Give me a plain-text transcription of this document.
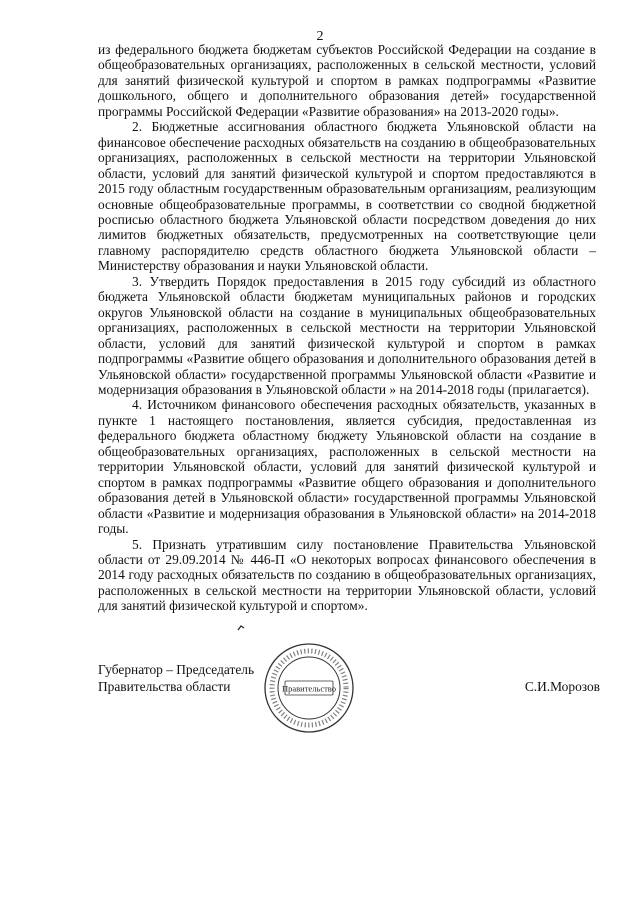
2

из федерального бюджета бюджетам субъектов Российской Федерации на создание в общеобразовательных организациях, расположенных в сельской местности, условий для занятий физической культурой и спортом в рамках подпрограммы «Развитие дошкольного, общего и дополнительного образования детей» государственной программы Российской Федерации «Развитие образования» на 2013-2020 годы».

2. Бюджетные ассигнования областного бюджета Ульяновской области на финансовое обеспечение расходных обязательств на созданию в общеобразовательных организациях, расположенных в сельской местности на территории Ульяновской области, условий для занятий физической культурой и спортом предоставляются в 2015 году областным государственным образовательным организациям, реализующим основные общеобразовательные программы, в соответствии со сводной бюджетной росписью областного бюджета Ульяновской области посредством доведения до них лимитов бюджетных обязательств, предусмотренных на соответствующие цели главному распорядителю средств областного бюджета Ульяновской области – Министерству образования и науки Ульяновской области.

3. Утвердить Порядок предоставления в 2015 году субсидий из областного бюджета Ульяновской области бюджетам муниципальных районов и городских округов Ульяновской области на создание в муниципальных общеобразовательных организациях, расположенных в сельской местности на территории Ульяновской области, условий для занятий физической культурой и спортом в рамках подпрограммы «Развитие общего образования и дополнительного образования детей в Ульяновской области» государственной программы Ульяновской области «Развитие и модернизация образования в Ульяновской области » на 2014-2018 годы (прилагается).

4. Источником финансового обеспечения расходных обязательств, указанных в пункте 1 настоящего постановления, является субсидия, предоставленная из федерального бюджета областному бюджету Ульяновской области на создание в общеобразовательных организациях, расположенных в сельской местности на территории Ульяновской области, условий для занятий физической культурой и спортом в рамках подпрограммы «Развитие общего образования и дополнительного образования детей в Ульяновской области» государственной программы Ульяновской области «Развитие и модернизация образования в Ульяновской области» на 2014-2018 годы.

5. Признать утратившим силу постановление Правительства Ульяновской области от 29.09.2014 № 446-П «О некоторых вопросах финансового обеспечения в 2014 году расходных обязательств по созданию в общеобразовательных организациях, расположенных в сельской местности на территории Ульяновской области, условий для занятий физической культурой и спортом».

Губернатор – Председатель
Правительства области	Правительство	С.И.Морозов
